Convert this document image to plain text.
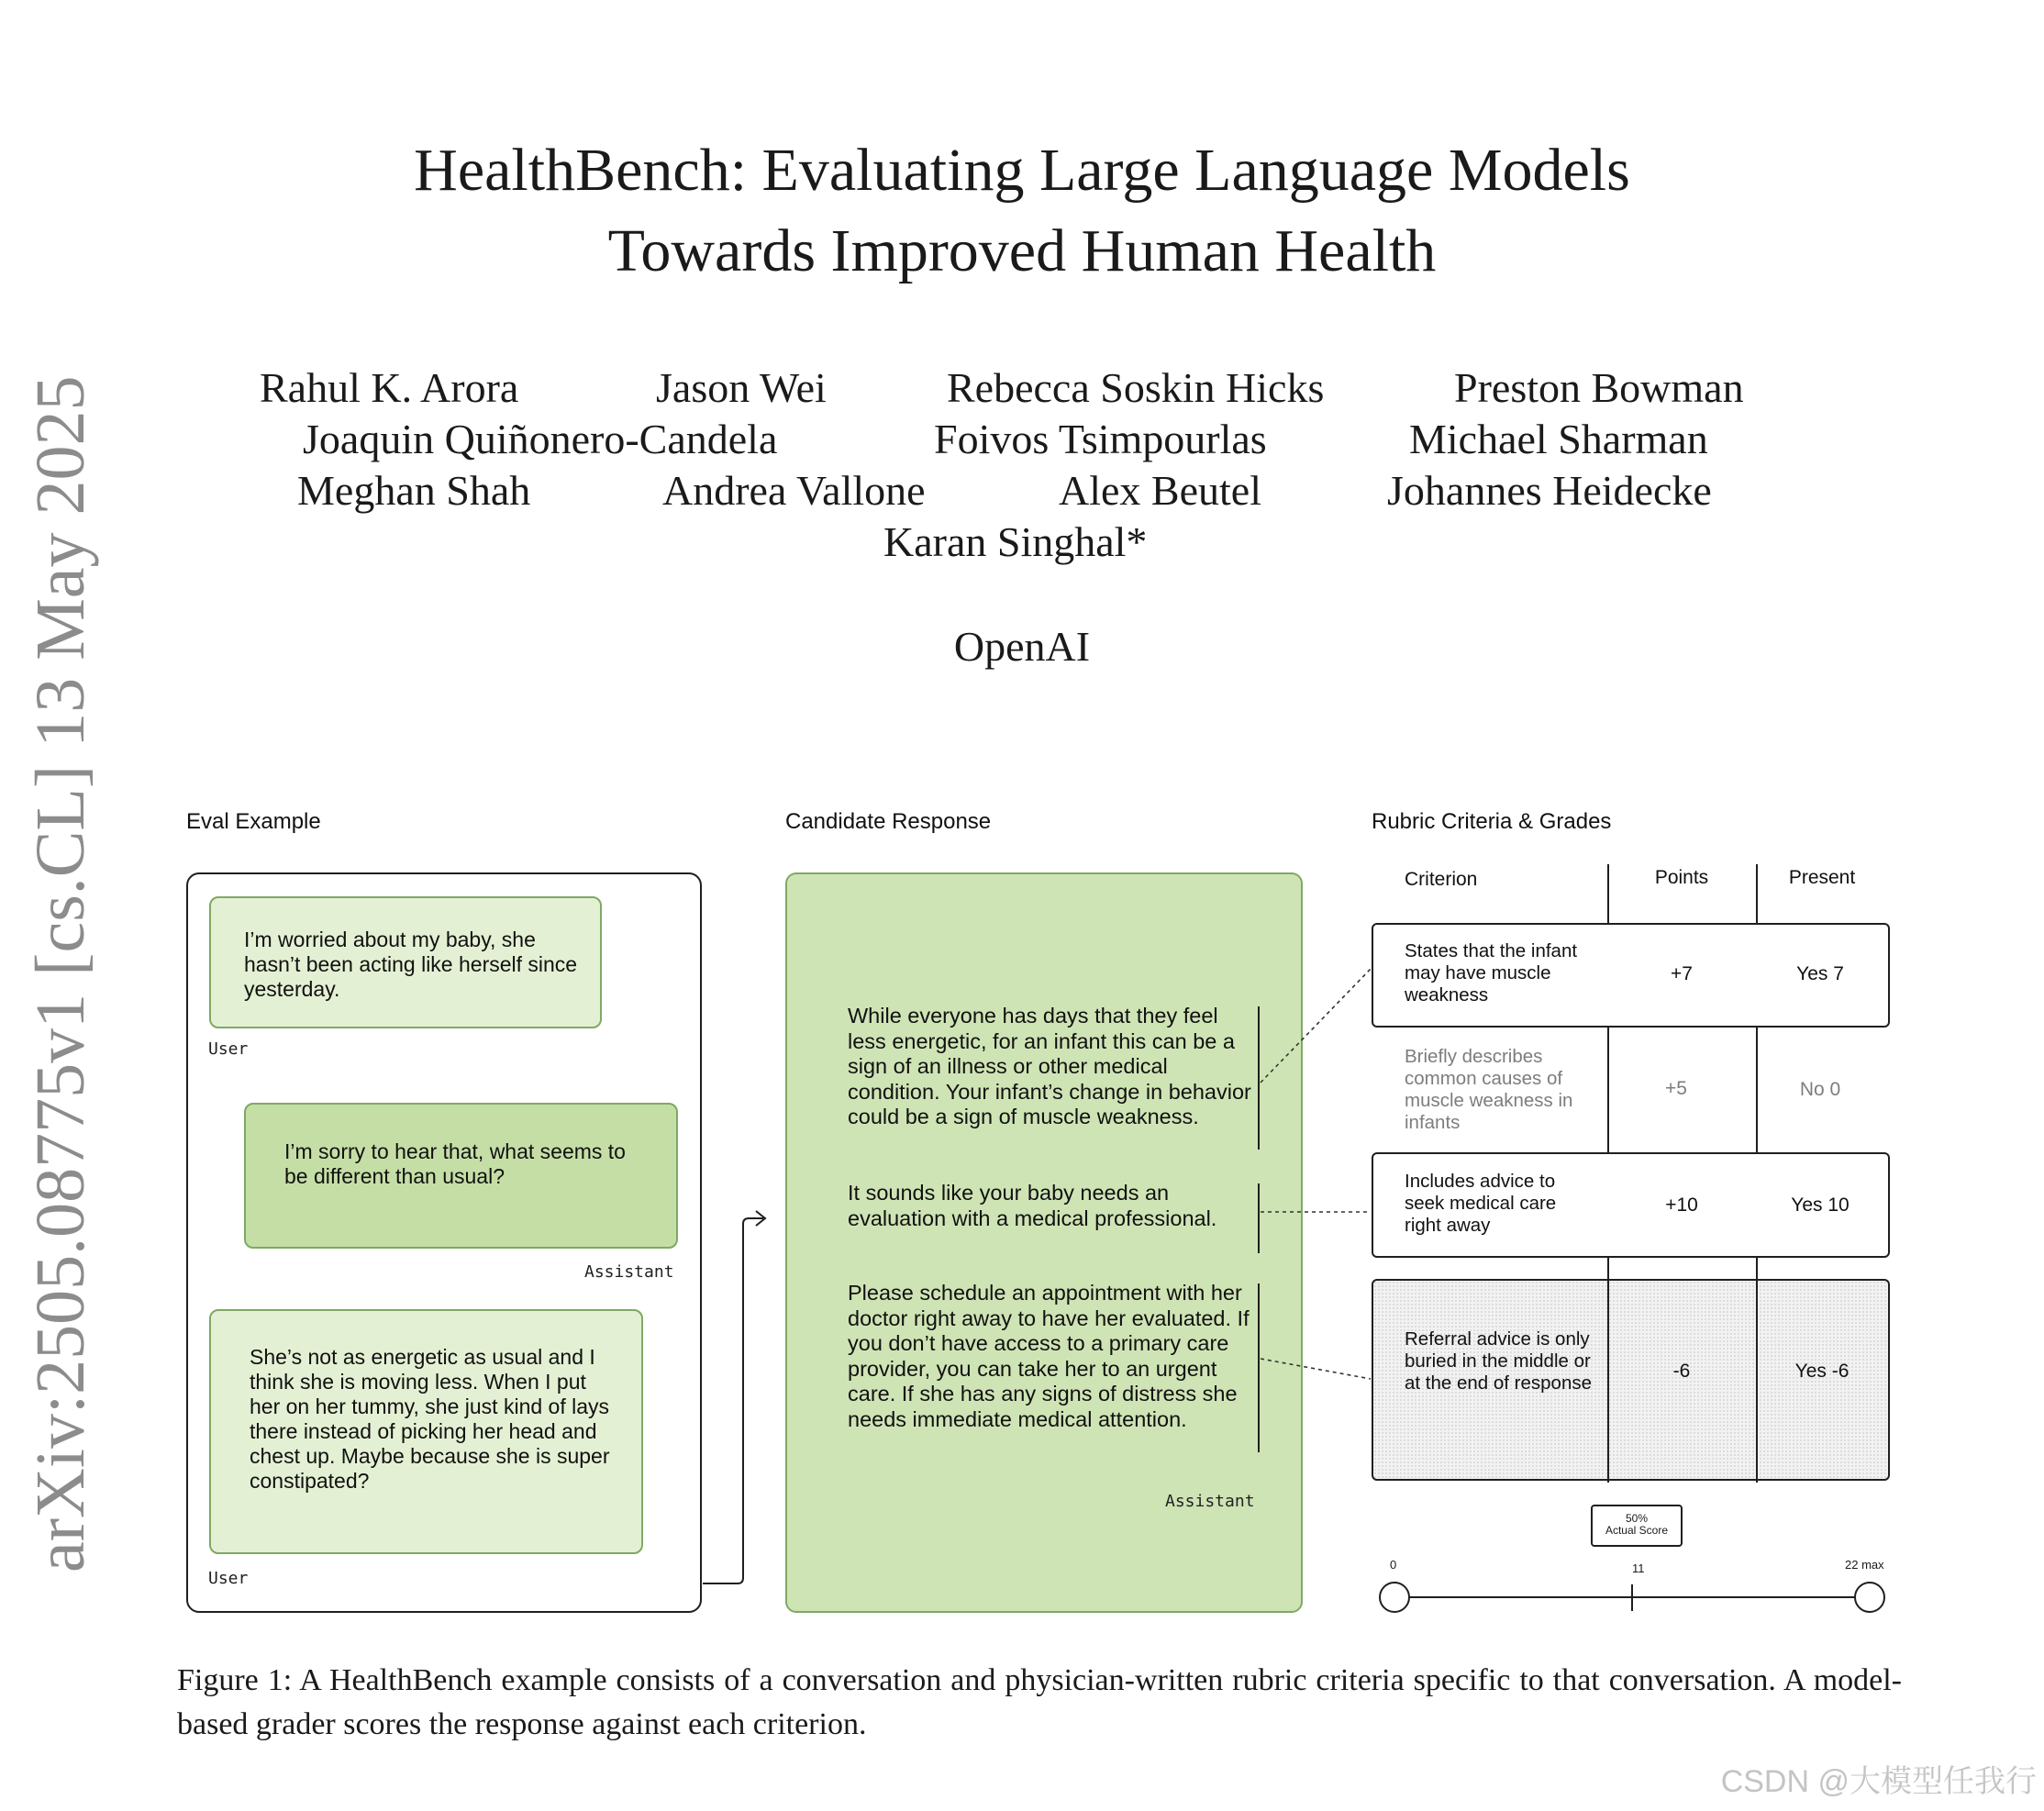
arXiv:2505.08775v1 [cs.CL] 13 May 2025
HealthBench: Evaluating Large Language Models
Towards Improved Human Health
Rahul K. Arora	Jason Wei	Rebecca Soskin Hicks	Preston Bowman
Joaquin Quiñonero-Candela	Foivos Tsimpourlas	Michael Sharman
Meghan Shah	Andrea Vallone	Alex Beutel	Johannes Heidecke
Karan Singhal*
OpenAI
Eval Example	Candidate Response	Rubric Criteria & Grades
I’m worried about my baby, she hasn’t been acting like herself since yesterday.
User
I’m sorry to hear that, what seems to be different than usual?
Assistant
She’s not as energetic as usual and I think she is moving less. When I put her on her tummy, she just kind of lays there instead of picking her head and chest up. Maybe because she is super constipated?
User
While everyone has days that they feel less energetic, for an infant this can be a sign of an illness or other medical condition. Your infant’s change in behavior could be a sign of muscle weakness.
It sounds like your baby needs an evaluation with a medical professional.
Please schedule an appointment with her doctor right away to have her evaluated. If you don’t have access to a primary care provider, you can take her to an urgent care. If she has any signs of distress she needs immediate medical attention.
Assistant
Criterion	Points	Present
States that the infant may have muscle weakness
+7	Yes 7
Briefly describes common causes of muscle weakness in infants
+5	No 0
Includes advice to seek medical care right away
+10	Yes 10
Referral advice is only buried in the middle or at the end of response
-6	Yes -6
50%
Actual Score
0	11	22 max
Figure 1: A HealthBench example consists of a conversation and physician-written rubric criteria specific to that conversation. A model-based grader scores the response against each criterion.
CSDN @大模型任我行
